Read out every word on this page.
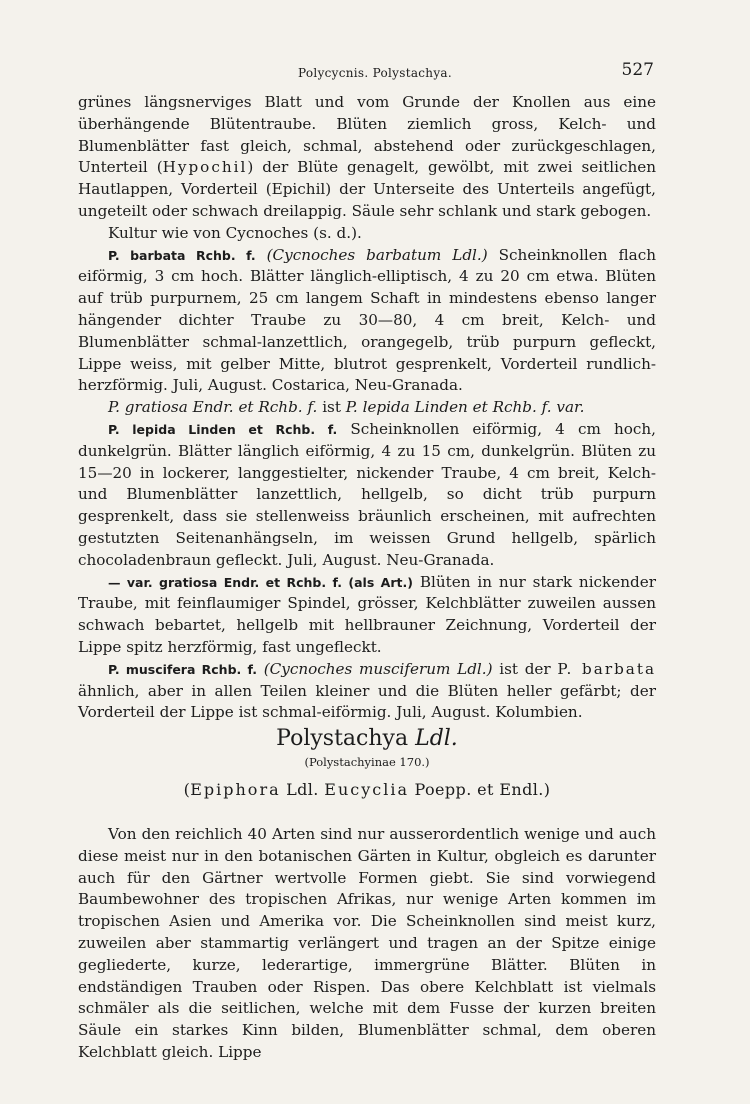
Polycycnis. Polystachya.	527

grünes längsnerviges Blatt und vom Grunde der Knollen aus eine überhängende Blütentraube. Blüten ziemlich gross, Kelch- und Blumenblätter fast gleich, schmal, abstehend oder zurückgeschlagen, Unterteil (Hypochil) der Blüte genagelt, gewölbt, mit zwei seitlichen Hautlappen, Vorderteil (Epichil) der Unterseite des Unterteils angefügt, ungeteilt oder schwach dreilappig. Säule sehr schlank und stark gebogen.

Kultur wie von Cycnoches (s. d.).

P. barbata Rchb. f. (Cycnoches barbatum Ldl.) Scheinknollen flach eiförmig, 3 cm hoch. Blätter länglich-elliptisch, 4 zu 20 cm etwa. Blüten auf trüb purpurnem, 25 cm langem Schaft in mindestens ebenso langer hängender dichter Traube zu 30—80, 4 cm breit, Kelch- und Blumenblätter schmal-lanzettlich, orangegelb, trüb purpurn gefleckt, Lippe weiss, mit gelber Mitte, blutrot gesprenkelt, Vorderteil rundlich-herzförmig. Juli, August. Costarica, Neu-Granada.

P. gratiosa Endr. et Rchb. f. ist P. lepida Linden et Rchb. f. var.

P. lepida Linden et Rchb. f. Scheinknollen eiförmig, 4 cm hoch, dunkelgrün. Blätter länglich eiförmig, 4 zu 15 cm, dunkelgrün. Blüten zu 15—20 in lockerer, langgestielter, nickender Traube, 4 cm breit, Kelch- und Blumenblätter lanzettlich, hellgelb, so dicht trüb purpurn gesprenkelt, dass sie stellenweiss bräunlich erscheinen, mit aufrechten gestutzten Seitenanhängseln, im weissen Grund hellgelb, spärlich chocoladenbraun gefleckt. Juli, August. Neu-Granada.

— var. gratiosa Endr. et Rchb. f. (als Art.) Blüten in nur stark nickender Traube, mit feinflaumiger Spindel, grösser, Kelchblätter zuweilen aussen schwach bebartet, hellgelb mit hellbrauner Zeichnung, Vorderteil der Lippe spitz herzförmig, fast ungefleckt.

P. muscifera Rchb. f. (Cycnoches musciferum Ldl.) ist der P. barbata ähnlich, aber in allen Teilen kleiner und die Blüten heller gefärbt; der Vorderteil der Lippe ist schmal-eiförmig. Juli, August. Kolumbien.

Polystachya Ldl.
(Polystachyinae 170.)
(Epiphora Ldl. Eucyclia Poepp. et Endl.)

Von den reichlich 40 Arten sind nur ausserordentlich wenige und auch diese meist nur in den botanischen Gärten in Kultur, obgleich es darunter auch für den Gärtner wertvolle Formen giebt. Sie sind vorwiegend Baumbewohner des tropischen Afrikas, nur wenige Arten kommen im tropischen Asien und Amerika vor. Die Scheinknollen sind meist kurz, zuweilen aber stammartig verlängert und tragen an der Spitze einige gegliederte, kurze, lederartige, immergrüne Blätter. Blüten in endständigen Trauben oder Rispen. Das obere Kelchblatt ist vielmals schmäler als die seitlichen, welche mit dem Fusse der kurzen breiten Säule ein starkes Kinn bilden, Blumenblätter schmal, dem oberen Kelchblatt gleich. Lippe
